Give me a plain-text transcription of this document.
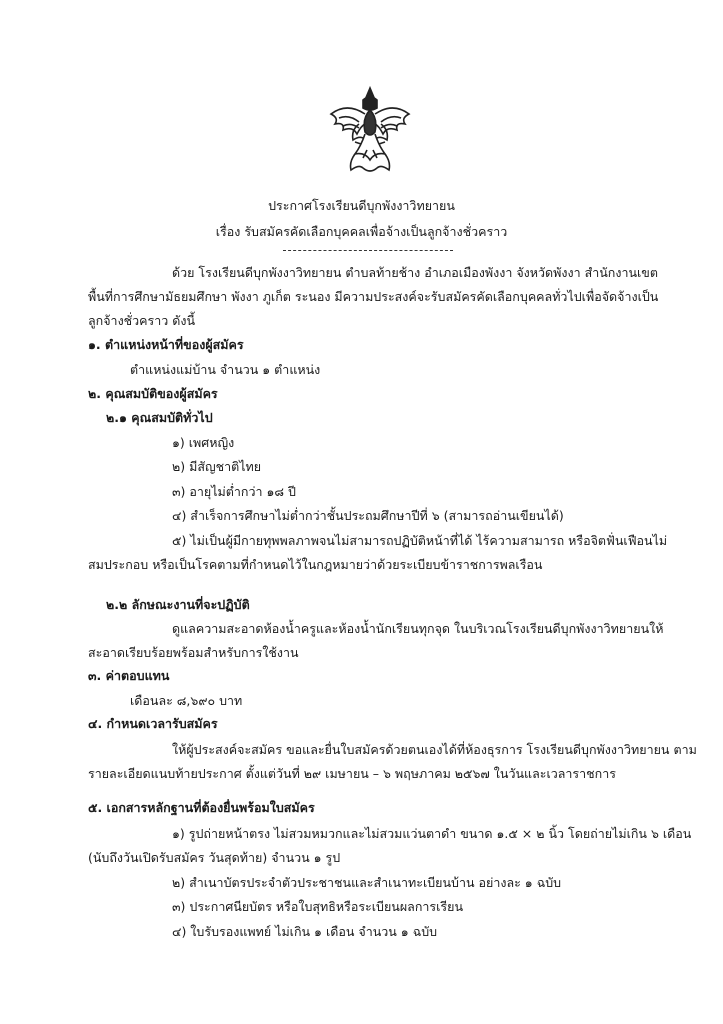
ประกาศโรงเรียนดีบุกพังงาวิทยายน
เรื่อง รับสมัครคัดเลือกบุคคลเพื่อจ้างเป็นลูกจ้างชั่วคราว
ด้วย โรงเรียนดีบุกพังงาวิทยายน ตำบลท้ายช้าง อำเภอเมืองพังงา จังหวัดพังงา สำนักงานเขต
พื้นที่การศึกษามัธยมศึกษา พังงา ภูเก็ต ระนอง มีความประสงค์จะรับสมัครคัดเลือกบุคคลทั่วไปเพื่อจัดจ้างเป็น
ลูกจ้างชั่วคราว ดังนี้
๑. ตำแหน่งหน้าที่ของผู้สมัคร
ตำแหน่งแม่บ้าน จำนวน ๑ ตำแหน่ง
๒. คุณสมบัติของผู้สมัคร
๒.๑ คุณสมบัติทั่วไป
๑) เพศหญิง
๒) มีสัญชาติไทย
๓) อายุไม่ต่ำกว่า ๑๘ ปี
๔) สำเร็จการศึกษาไม่ต่ำกว่าชั้นประถมศึกษาปีที่ ๖ (สามารถอ่านเขียนได้)
๕) ไม่เป็นผู้มีกายทุพพลภาพจนไม่สามารถปฏิบัติหน้าที่ได้ ไร้ความสามารถ หรือจิตฟั่นเฟือนไม่
สมประกอบ หรือเป็นโรคตามที่กำหนดไว้ในกฎหมายว่าด้วยระเบียบข้าราชการพลเรือน
๒.๒ ลักษณะงานที่จะปฏิบัติ
ดูแลความสะอาดห้องน้ำครูและห้องน้ำนักเรียนทุกจุด ในบริเวณโรงเรียนดีบุกพังงาวิทยายนให้
สะอาดเรียบร้อยพร้อมสำหรับการใช้งาน
๓. ค่าตอบแทน
เดือนละ ๘,๖๙๐ บาท
๔. กำหนดเวลารับสมัคร
ให้ผู้ประสงค์จะสมัคร ขอและยื่นใบสมัครด้วยตนเองได้ที่ห้องธุรการ โรงเรียนดีบุกพังงาวิทยายน ตาม
รายละเอียดแนบท้ายประกาศ ตั้งแต่วันที่ ๒๙ เมษายน – ๖ พฤษภาคม ๒๕๖๗ ในวันและเวลาราชการ
๕. เอกสารหลักฐานที่ต้องยื่นพร้อมใบสมัคร
๑) รูปถ่ายหน้าตรง ไม่สวมหมวกและไม่สวมแว่นตาดำ ขนาด ๑.๕ × ๒ นิ้ว โดยถ่ายไม่เกิน ๖ เดือน
(นับถึงวันเปิดรับสมัคร วันสุดท้าย) จำนวน ๑ รูป
๒) สำเนาบัตรประจำตัวประชาชนและสำเนาทะเบียนบ้าน อย่างละ ๑ ฉบับ
๓) ประกาศนียบัตร หรือใบสุทธิหรือระเบียนผลการเรียน
๔) ใบรับรองแพทย์ ไม่เกิน ๑ เดือน จำนวน ๑ ฉบับ
